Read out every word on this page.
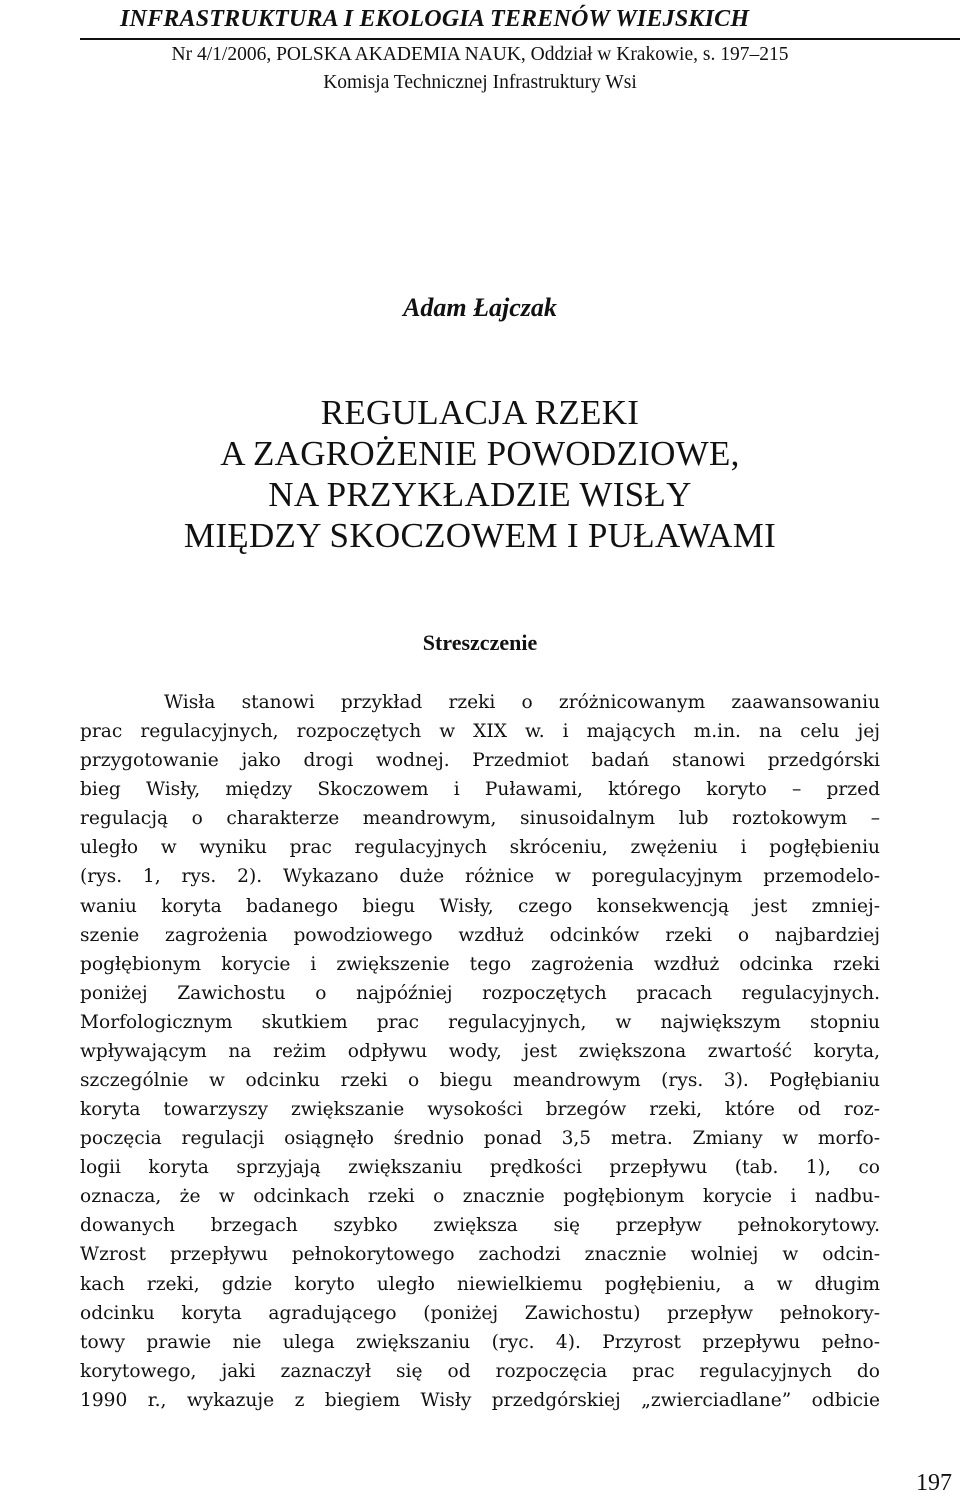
INFRASTRUKTURA I EKOLOGIA TERENÓW WIEJSKICH
Nr 4/1/2006, POLSKA AKADEMIA NAUK, Oddział w Krakowie, s. 197–215
Komisja Technicznej Infrastruktury Wsi
Adam Łajczak
REGULACJA RZEKI
A ZAGROŻENIE POWODZIOWE,
NA PRZYKŁADZIE WISŁY
MIĘDZY SKOCZOWEM I PUŁAWAMI
Streszczenie
Wisła stanowi przykład rzeki o zróżnicowanym zaawansowaniu
prac regulacyjnych, rozpoczętych w XIX w. i mających m.in. na celu jej
przygotowanie jako drogi wodnej. Przedmiot badań stanowi przedgórski
bieg Wisły, między Skoczowem i Puławami, którego koryto – przed
regulacją o charakterze meandrowym, sinusoidalnym lub roztokowym –
uległo w wyniku prac regulacyjnych skróceniu, zwężeniu i pogłębieniu
(rys. 1, rys. 2). Wykazano duże różnice w poregulacyjnym przemodelo-
waniu koryta badanego biegu Wisły, czego konsekwencją jest zmniej-
szenie zagrożenia powodziowego wzdłuż odcinków rzeki o najbardziej
pogłębionym korycie i zwiększenie tego zagrożenia wzdłuż odcinka rzeki
poniżej Zawichostu o najpóźniej rozpoczętych pracach regulacyjnych.
Morfologicznym skutkiem prac regulacyjnych, w największym stopniu
wpływającym na reżim odpływu wody, jest zwiększona zwartość koryta,
szczególnie w odcinku rzeki o biegu meandrowym (rys. 3). Pogłębianiu
koryta towarzyszy zwiększanie wysokości brzegów rzeki, które od roz-
poczęcia regulacji osiągnęło średnio ponad 3,5 metra. Zmiany w morfo-
logii koryta sprzyjają zwiększaniu prędkości przepływu (tab. 1), co
oznacza, że w odcinkach rzeki o znacznie pogłębionym korycie i nadbu-
dowanych brzegach szybko zwiększa się przepływ pełnokorytowy.
Wzrost przepływu pełnokorytowego zachodzi znacznie wolniej w odcin-
kach rzeki, gdzie koryto uległo niewielkiemu pogłębieniu, a w długim
odcinku koryta agradującego (poniżej Zawichostu) przepływ pełnokory-
towy prawie nie ulega zwiększaniu (ryc. 4). Przyrost przepływu pełno-
korytowego, jaki zaznaczył się od rozpoczęcia prac regulacyjnych do
1990 r., wykazuje z biegiem Wisły przedgórskiej „zwierciadlane” odbicie
197
